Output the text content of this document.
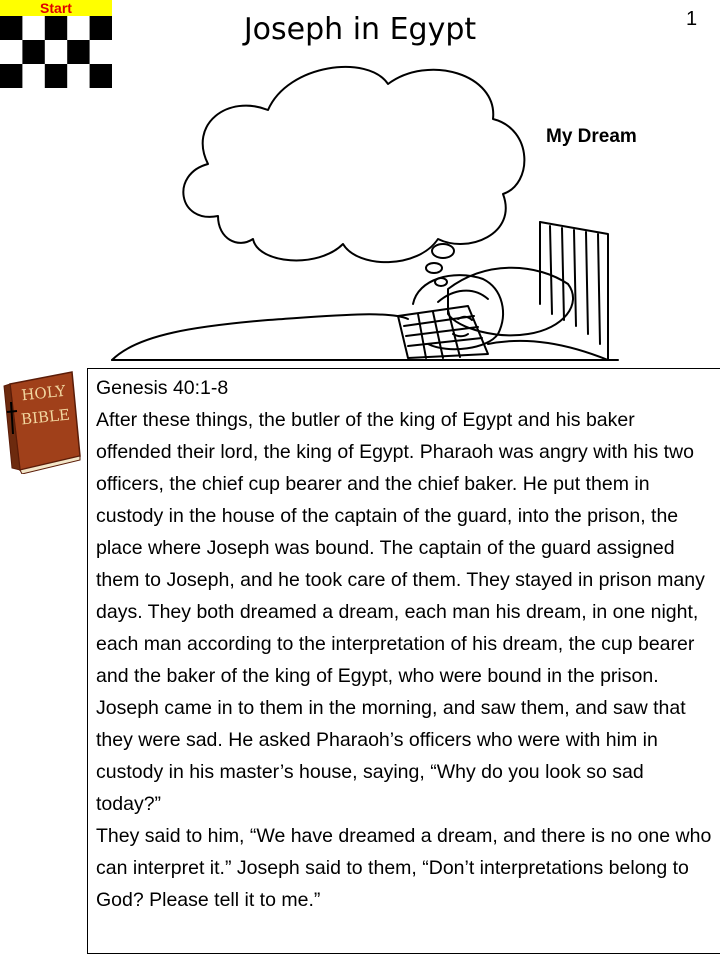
Start
Joseph in Egypt	1
My Dream
HOLY
BIBLE

Genesis 40:1-8

After these things, the butler of the king of Egypt and his baker offended their lord, the king of Egypt. Pharaoh was angry with his two officers, the chief cup bearer and the chief baker. He put them in custody in the house of the captain of the guard, into the prison, the place where Joseph was bound. The captain of the guard assigned them to Joseph, and he took care of them. They stayed in prison many days. They both dreamed a dream, each man his dream, in one night, each man according to the interpretation of his dream, the cup bearer and the baker of the king of Egypt, who were bound in the prison. Joseph came in to them in the morning, and saw them, and saw that they were sad. He asked Pharaoh’s officers who were with him in custody in his master’s house, saying, “Why do you look so sad today?”
They said to him, “We have dreamed a dream, and there is no one who can interpret it.” Joseph said to them, “Don’t interpretations belong to God? Please tell it to me.”
